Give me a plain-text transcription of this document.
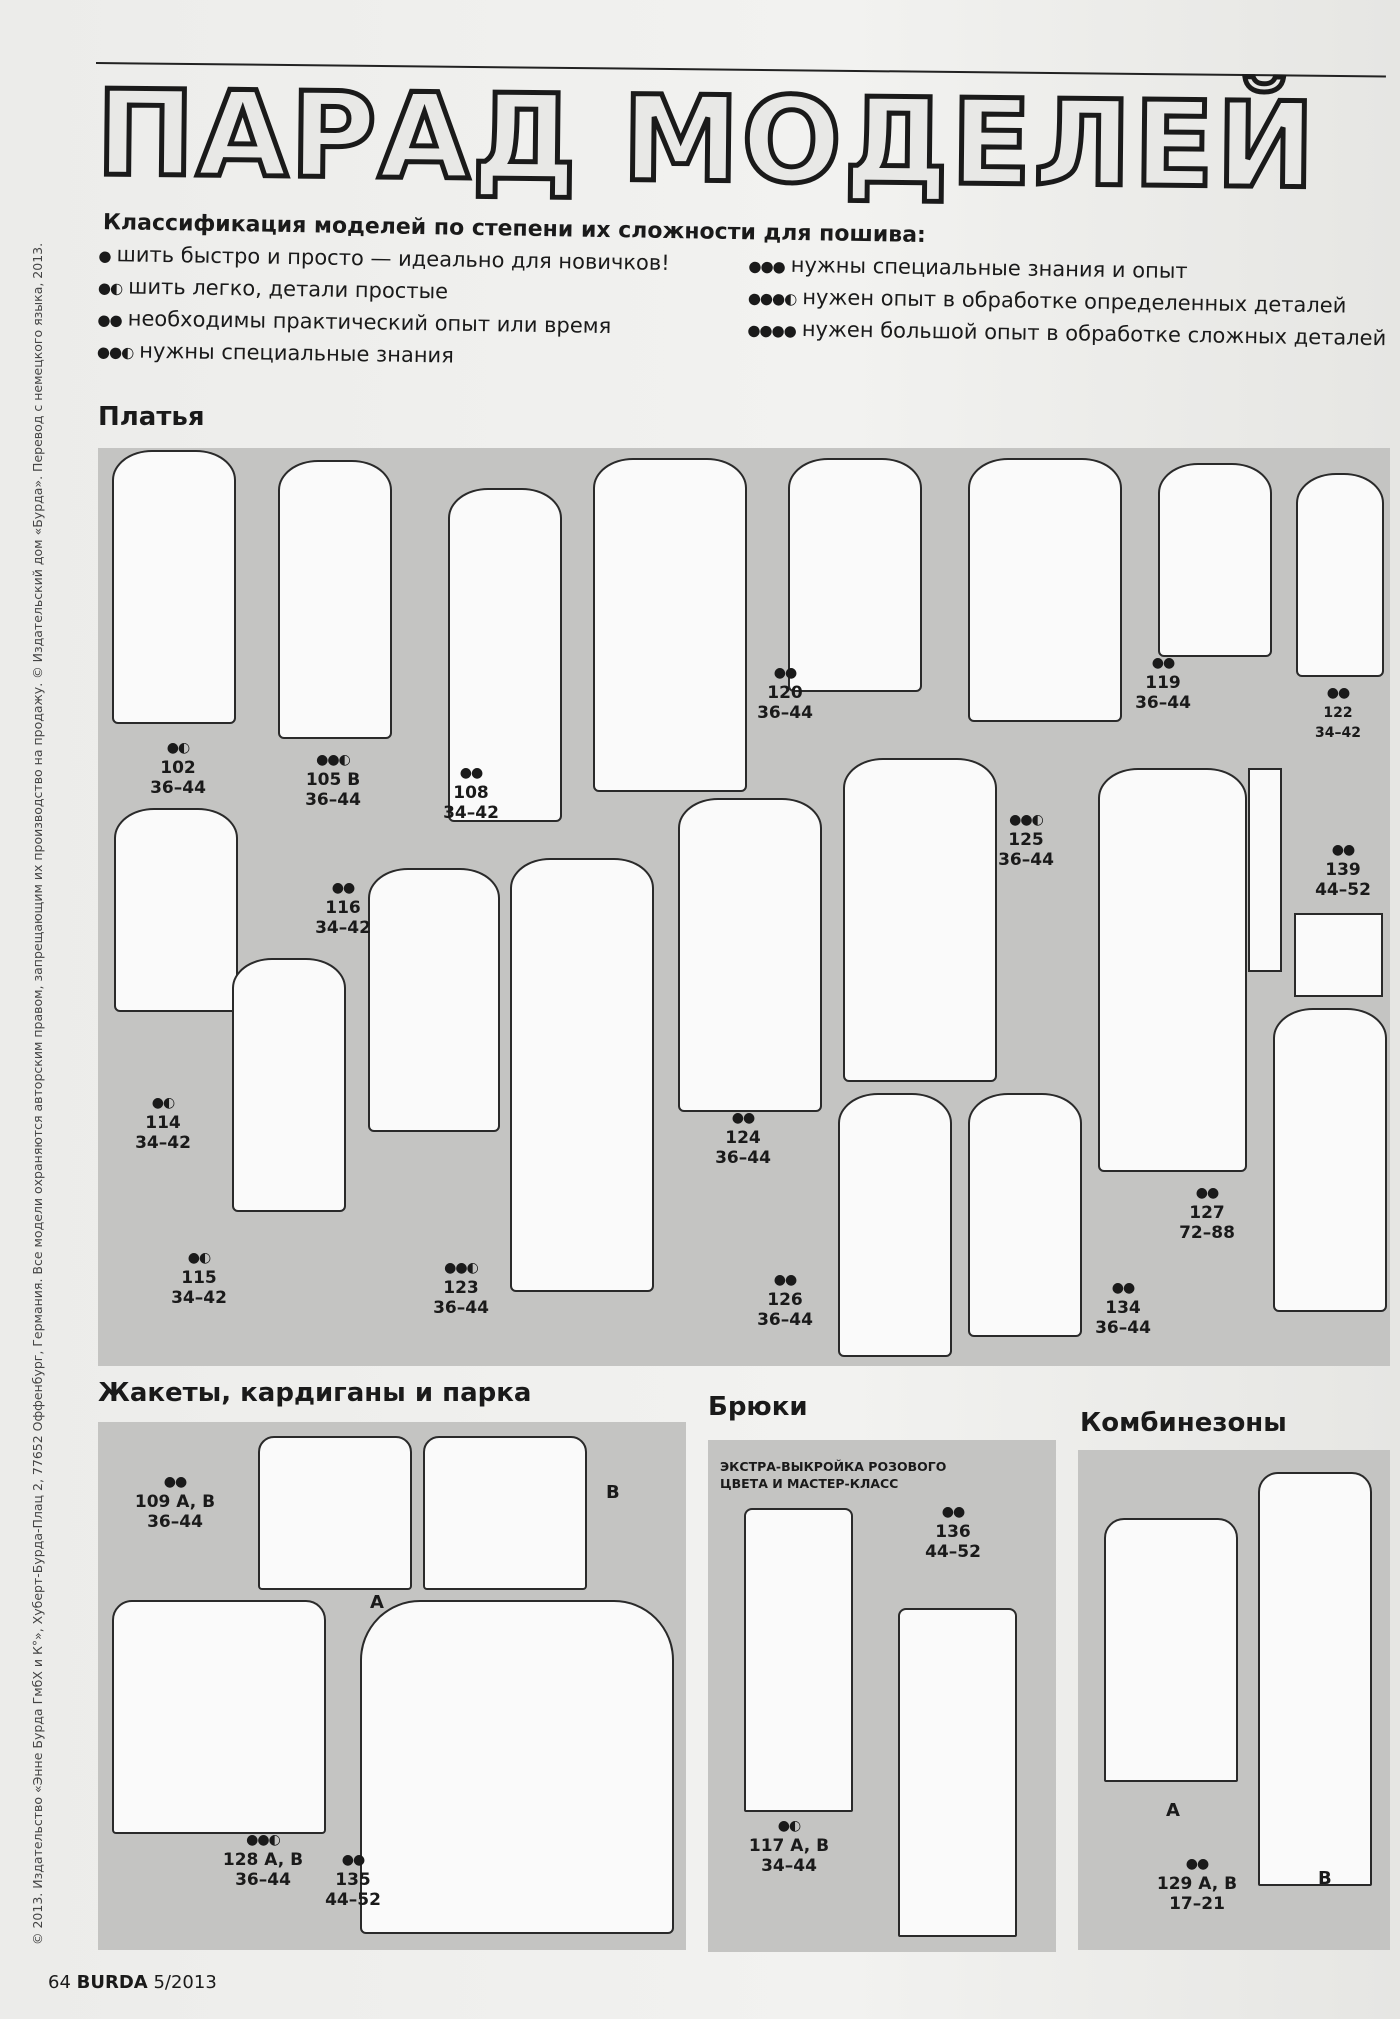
ПАРАД МОДЕЛЕЙ
Классификация моделей по степени их сложности для пошива:
● шить быстро и просто — идеально для новичков!
●◐ шить легко, детали простые
●● необходимы практический опыт или время
●●◐ нужны специальные знания
●●● нужны специальные знания и опыт
●●●◐ нужен опыт в обработке определенных деталей
●●●● нужен большой опыт в обработке сложных деталей
© 2013. Издательство «Энне Бурда ГмбХ и К°», Хуберт-Бурда-Плац 2, 77652 Оффенбург, Германия. Все модели охраняются авторским правом, запрещающим их производство на продажу. © Издательский дом «Бурда». Перевод с немецкого языка, 2013. Платья
●◐
102
36–44
●●◐
105 B
36–44
●●
108
34–42
●●
120
36–44
●●
119
36–44	●●
122
34–42
●●
116
34–42
●●◐
125
36–44	●●
139
44–52
●◐
114
34–42
●●
124
36–44
●●
127
72–88
●◐
115
34–42
●●◐
123
36–44
●●
126
36–44
●●
134
36–44
Жакеты, кардиганы и парка
●●
109 A, B
36–44
●●◐
128 A, B
36–44
●●
135
44–52
A
B
Брюки
ЭКСТРА-ВЫКРОЙКА РОЗОВОГО ЦВЕТА И МАСТЕР-КЛАСС
●●
136
44–52
●◐
117 A, B
34–44
Комбинезоны
A
B
●●
129 A, B
17–21
64 BURDA 5/2013
